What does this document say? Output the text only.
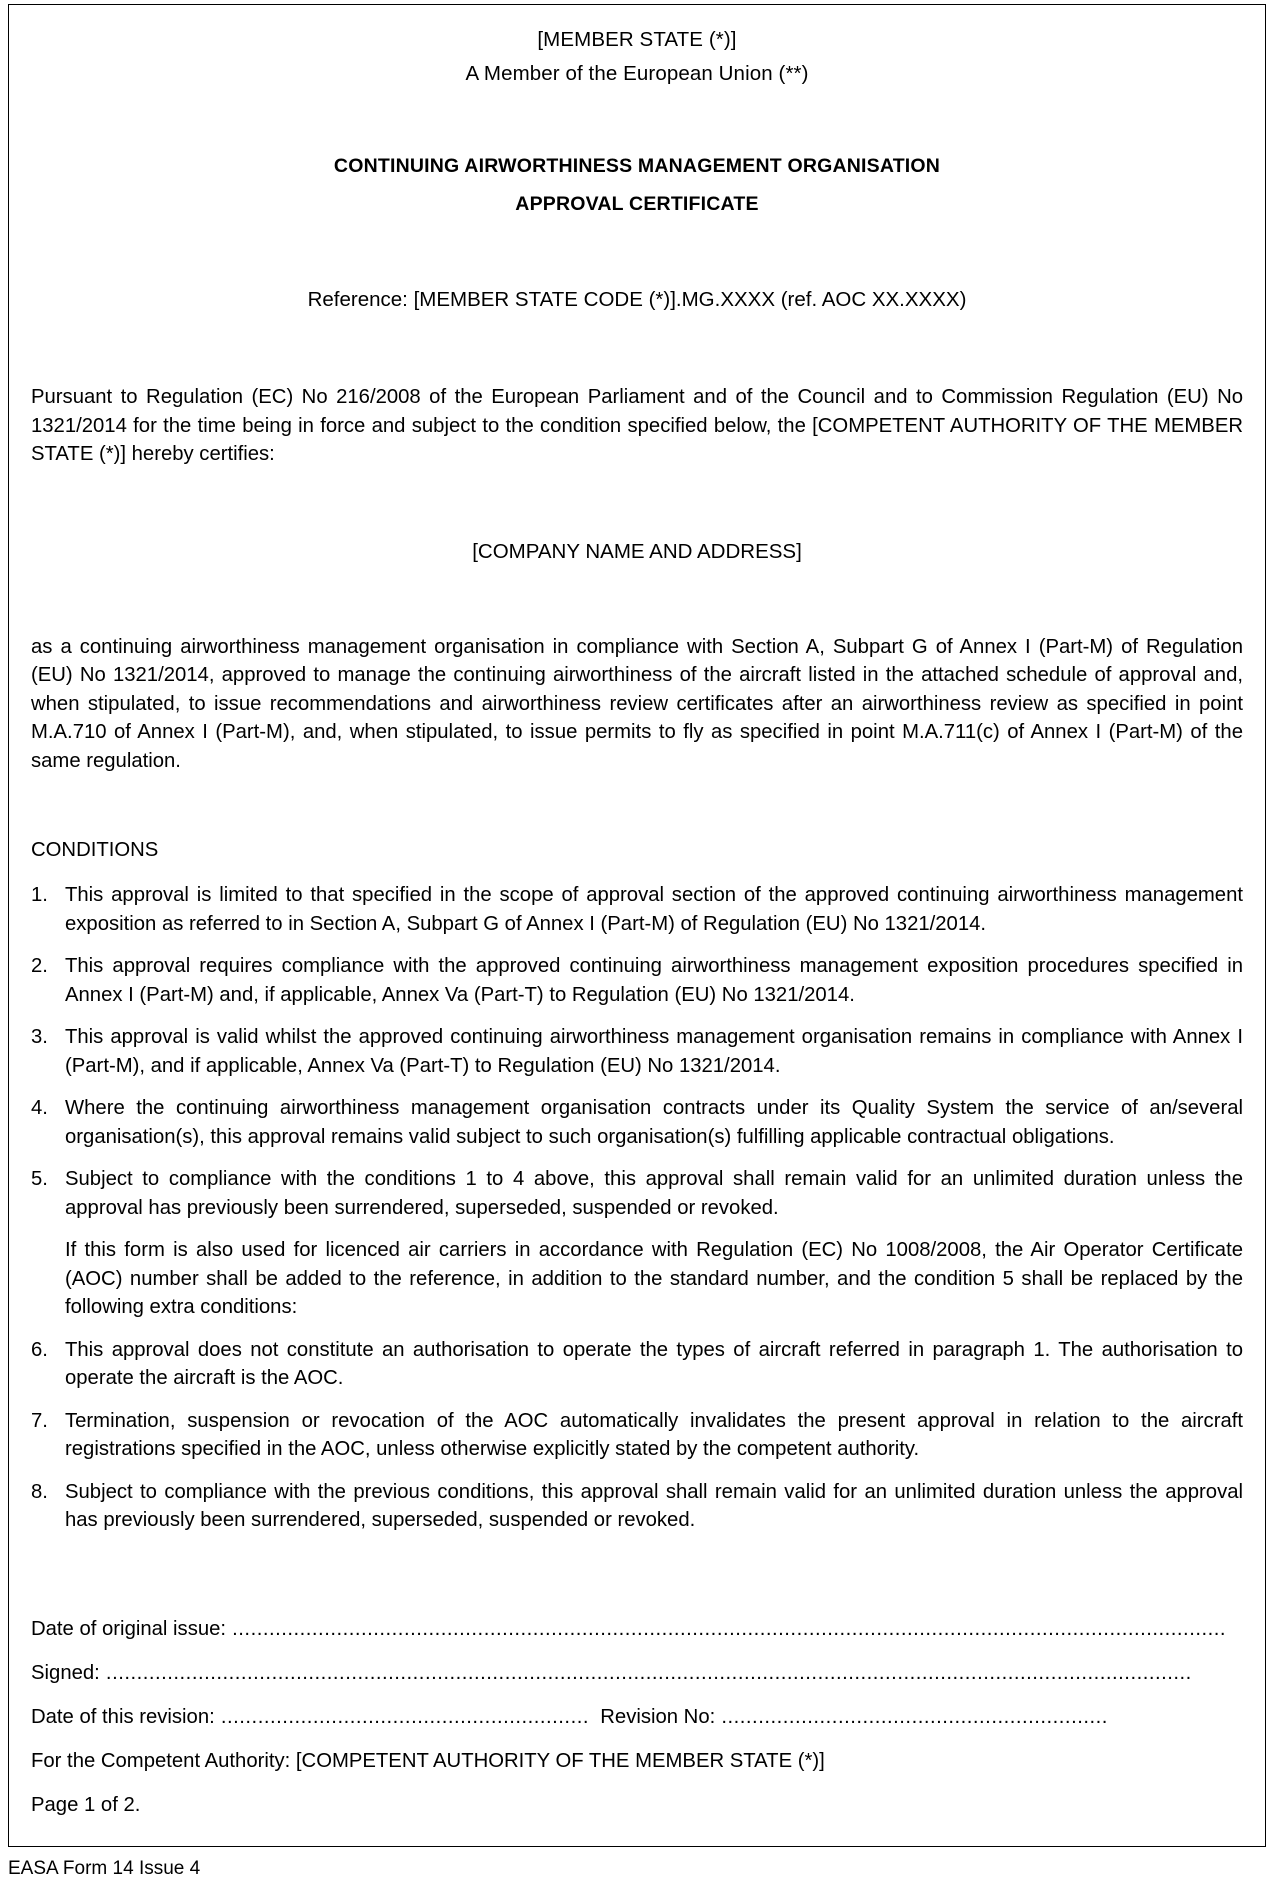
[MEMBER STATE (*)]
A Member of the European Union (**)
CONTINUING AIRWORTHINESS MANAGEMENT ORGANISATION
APPROVAL CERTIFICATE
Reference: [MEMBER STATE CODE (*)].MG.XXXX (ref. AOC XX.XXXX)
Pursuant to Regulation (EC) No 216/2008 of the European Parliament and of the Council and to Commission Regulation (EU) No 1321/2014 for the time being in force and subject to the condition specified below, the [COMPETENT AUTHORITY OF THE MEMBER STATE (*)] hereby certifies:
[COMPANY NAME AND ADDRESS]
as a continuing airworthiness management organisation in compliance with Section A, Subpart G of Annex I (Part-M) of Regulation (EU) No 1321/2014, approved to manage the continuing airworthiness of the aircraft listed in the attached schedule of approval and, when stipulated, to issue recommendations and airworthiness review certificates after an airworthiness review as specified in point M.A.710 of Annex I (Part-M), and, when stipulated, to issue permits to fly as specified in point M.A.711(c) of Annex I (Part-M) of the same regulation.
CONDITIONS
1. This approval is limited to that specified in the scope of approval section of the approved continuing airworthiness management exposition as referred to in Section A, Subpart G of Annex I (Part-M) of Regulation (EU) No 1321/2014.
2. This approval requires compliance with the approved continuing airworthiness management exposition procedures specified in Annex I (Part-M) and, if applicable, Annex Va (Part-T) to Regulation (EU) No 1321/2014.
3. This approval is valid whilst the approved continuing airworthiness management organisation remains in compliance with Annex I (Part-M), and if applicable, Annex Va (Part-T) to Regulation (EU) No 1321/2014.
4. Where the continuing airworthiness management organisation contracts under its Quality System the service of an/several organisation(s), this approval remains valid subject to such organisation(s) fulfilling applicable contractual obligations.
5. Subject to compliance with the conditions 1 to 4 above, this approval shall remain valid for an unlimited duration unless the approval has previously been surrendered, superseded, suspended or revoked.
If this form is also used for licenced air carriers in accordance with Regulation (EC) No 1008/2008, the Air Operator Certificate (AOC) number shall be added to the reference, in addition to the standard number, and the condition 5 shall be replaced by the following extra conditions:
6. This approval does not constitute an authorisation to operate the types of aircraft referred in paragraph 1. The authorisation to operate the aircraft is the AOC.
7. Termination, suspension or revocation of the AOC automatically invalidates the present approval in relation to the aircraft registrations specified in the AOC, unless otherwise explicitly stated by the competent authority.
8. Subject to compliance with the previous conditions, this approval shall remain valid for an unlimited duration unless the approval has previously been surrendered, superseded, suspended or revoked.
Date of original issue: ..................................................................................................................................................................
Signed: .................................................................................................................................................................................
Date of this revision: ............................................................ Revision No: ...............................................................
For the Competent Authority: [COMPETENT AUTHORITY OF THE MEMBER STATE (*)]
Page 1 of 2.
EASA Form 14 Issue 4
